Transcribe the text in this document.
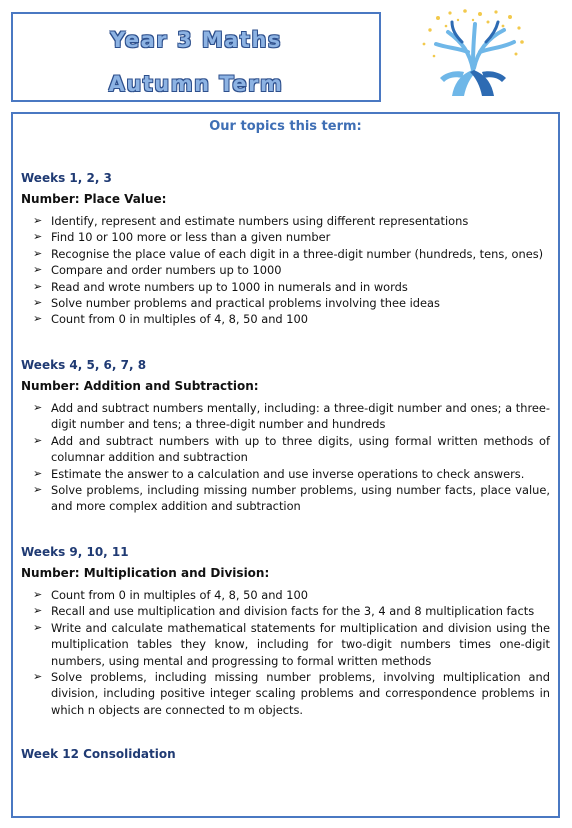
Year 3 Maths
Autumn Term
Our topics this term:

Weeks 1, 2, 3

Number: Place Value:

➢ Identify, represent and estimate numbers using different representations
➢ Find 10 or 100 more or less than a given number
➢ Recognise the place value of each digit in a three-digit number (hundreds, tens, ones)
➢ Compare and order numbers up to 1000
➢ Read and wrote numbers up to 1000 in numerals and in words
➢ Solve number problems and practical problems involving thee ideas
➢ Count from 0 in multiples of 4, 8, 50 and 100

Weeks 4, 5, 6, 7, 8

Number: Addition and Subtraction:

➢ Add and subtract numbers mentally, including: a three-digit number and ones; a three-digit number and tens; a three-digit number and hundreds
➢ Add and subtract numbers with up to three digits, using formal written methods of columnar addition and subtraction
➢ Estimate the answer to a calculation and use inverse operations to check answers.
➢ Solve problems, including missing number problems, using number facts, place value, and more complex addition and subtraction

Weeks 9, 10, 11

Number: Multiplication and Division:

➢ Count from 0 in multiples of 4, 8, 50 and 100
➢ Recall and use multiplication and division facts for the 3, 4 and 8 multiplication facts
➢ Write and calculate mathematical statements for multiplication and division using the multiplication tables they know, including for two-digit numbers times one-digit numbers, using mental and progressing to formal written methods
➢ Solve problems, including missing number problems, involving multiplication and division, including positive integer scaling problems and correspondence problems in which n objects are connected to m objects.
Week 12 Consolidation
